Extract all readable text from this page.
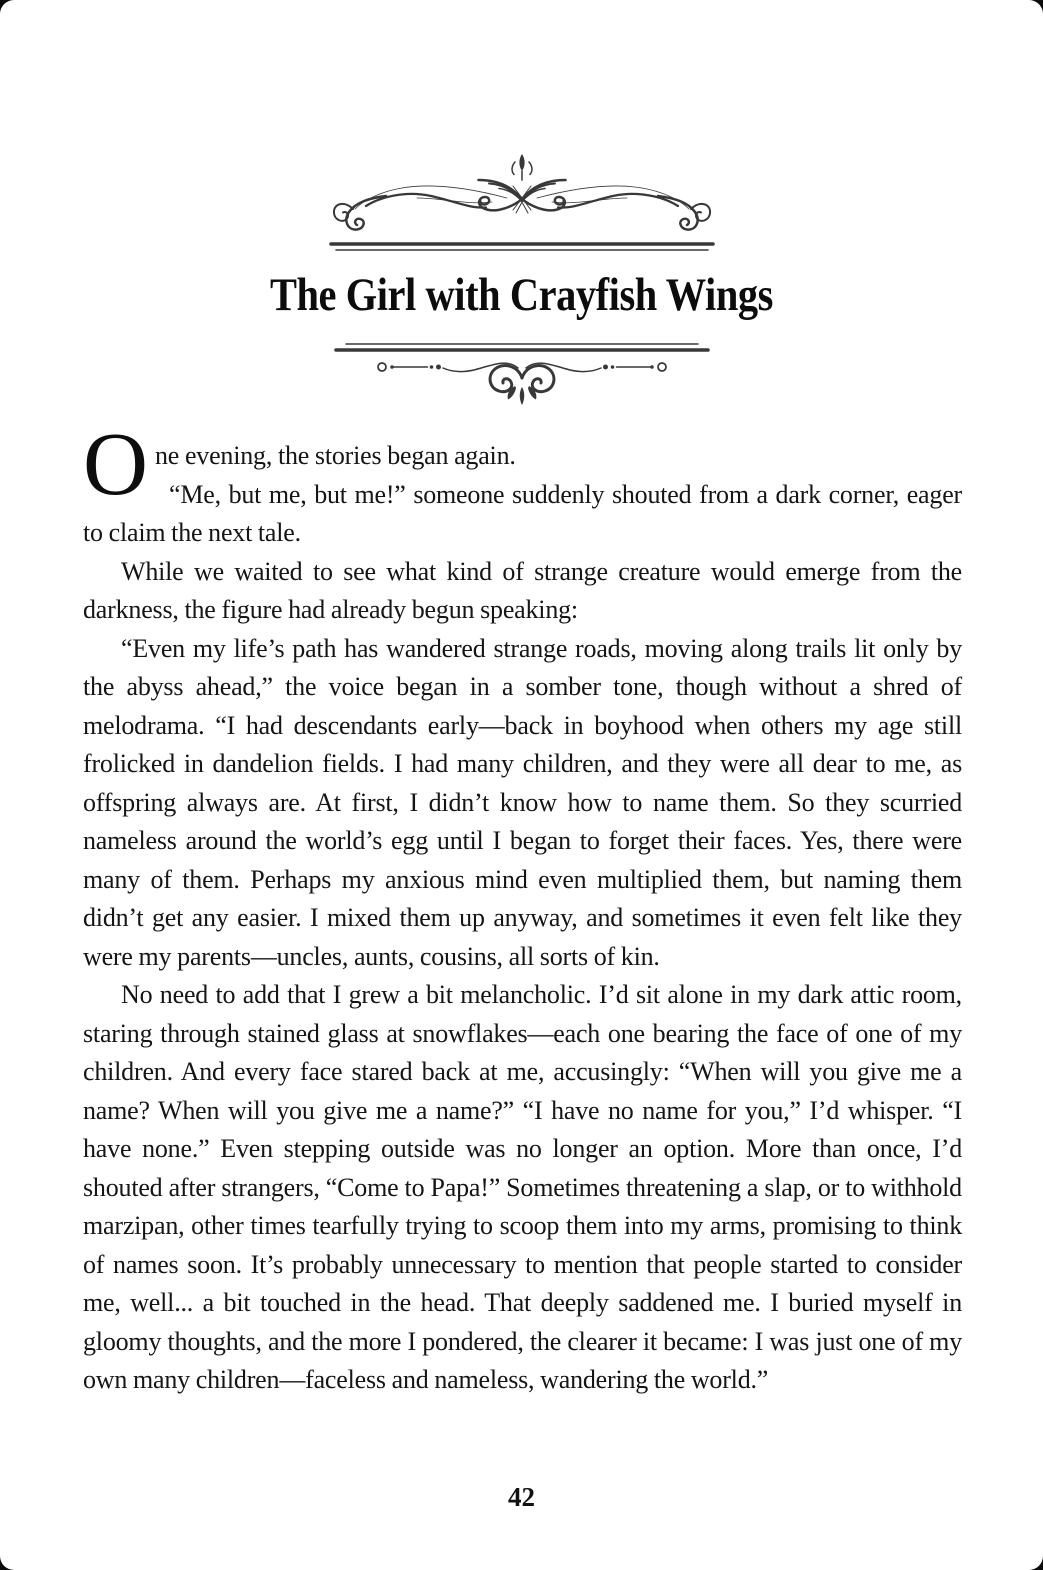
The Girl with Crayfish Wings

O ne evening, the stories began again.

“Me, but me, but me!” someone suddenly shouted from a dark corner, eager to claim the next tale.

While we waited to see what kind of strange creature would emerge from the darkness, the figure had already begun speaking:

“Even my life’s path has wandered strange roads, moving along trails lit only by the abyss ahead,” the voice began in a somber tone, though without a shred of melodrama. “I had descendants early—back in boyhood when others my age still frolicked in dandelion fields. I had many children, and they were all dear to me, as offspring always are. At first, I didn’t know how to name them. So they scurried nameless around the world’s egg until I began to forget their faces. Yes, there were many of them. Perhaps my anxious mind even multiplied them, but naming them didn’t get any easier. I mixed them up anyway, and sometimes it even felt like they were my parents—uncles, aunts, cousins, all sorts of kin.

No need to add that I grew a bit melancholic. I’d sit alone in my dark attic room, staring through stained glass at snowflakes—each one bearing the face of one of my children. And every face stared back at me, accusingly: “When will you give me a name? When will you give me a name?” “I have no name for you,” I’d whisper. “I have none.” Even stepping outside was no longer an option. More than once, I’d shouted after strangers, “Come to Papa!” Sometimes threatening a slap, or to withhold marzipan, other times tearfully trying to scoop them into my arms, promising to think of names soon. It’s probably unnecessary to mention that people started to consider me, well... a bit touched in the head. That deeply saddened me. I buried myself in gloomy thoughts, and the more I pondered, the clearer it became: I was just one of my own many children—faceless and nameless, wandering the world.”

42
